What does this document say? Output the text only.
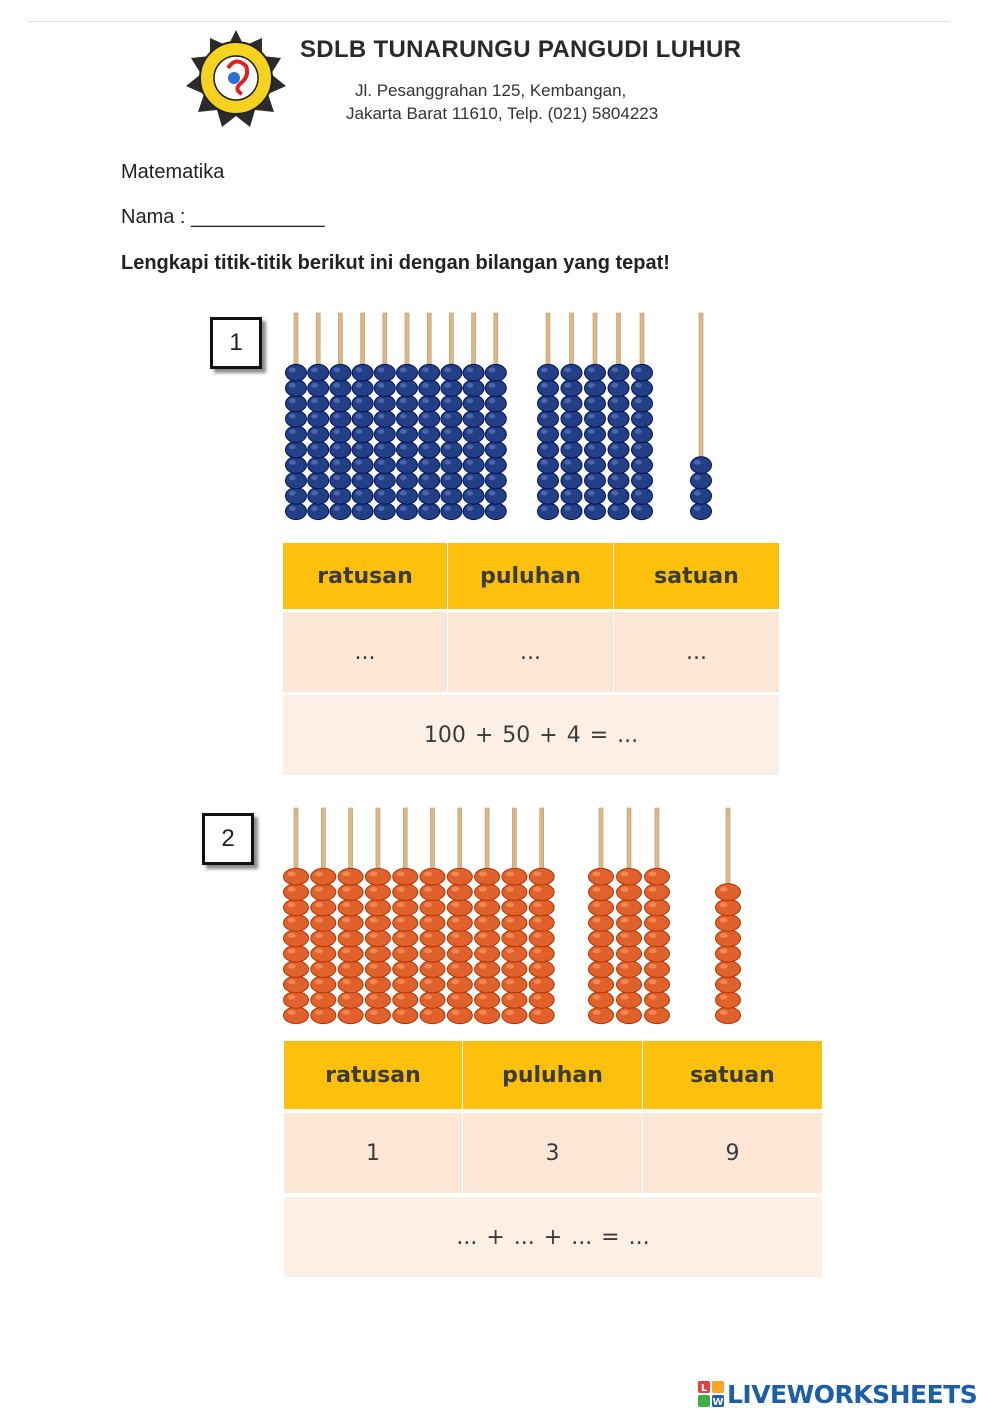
SDLB TUNARUNGU PANGUDI LUHUR
Jl. Pesanggrahan 125, Kembangan,
Jakarta Barat 11610, Telp. (021) 5804223
Matematika
Nama : ____________
Lengkapi titik-titik berikut ini dengan bilangan yang tepat!
1
ratusan	puluhan	satuan
...	...	...
100 + 50 + 4 = ...
2
ratusan	puluhan	satuan
1	3	9
... + ... + ... = ...
L
W LIVEWORKSHEETS
